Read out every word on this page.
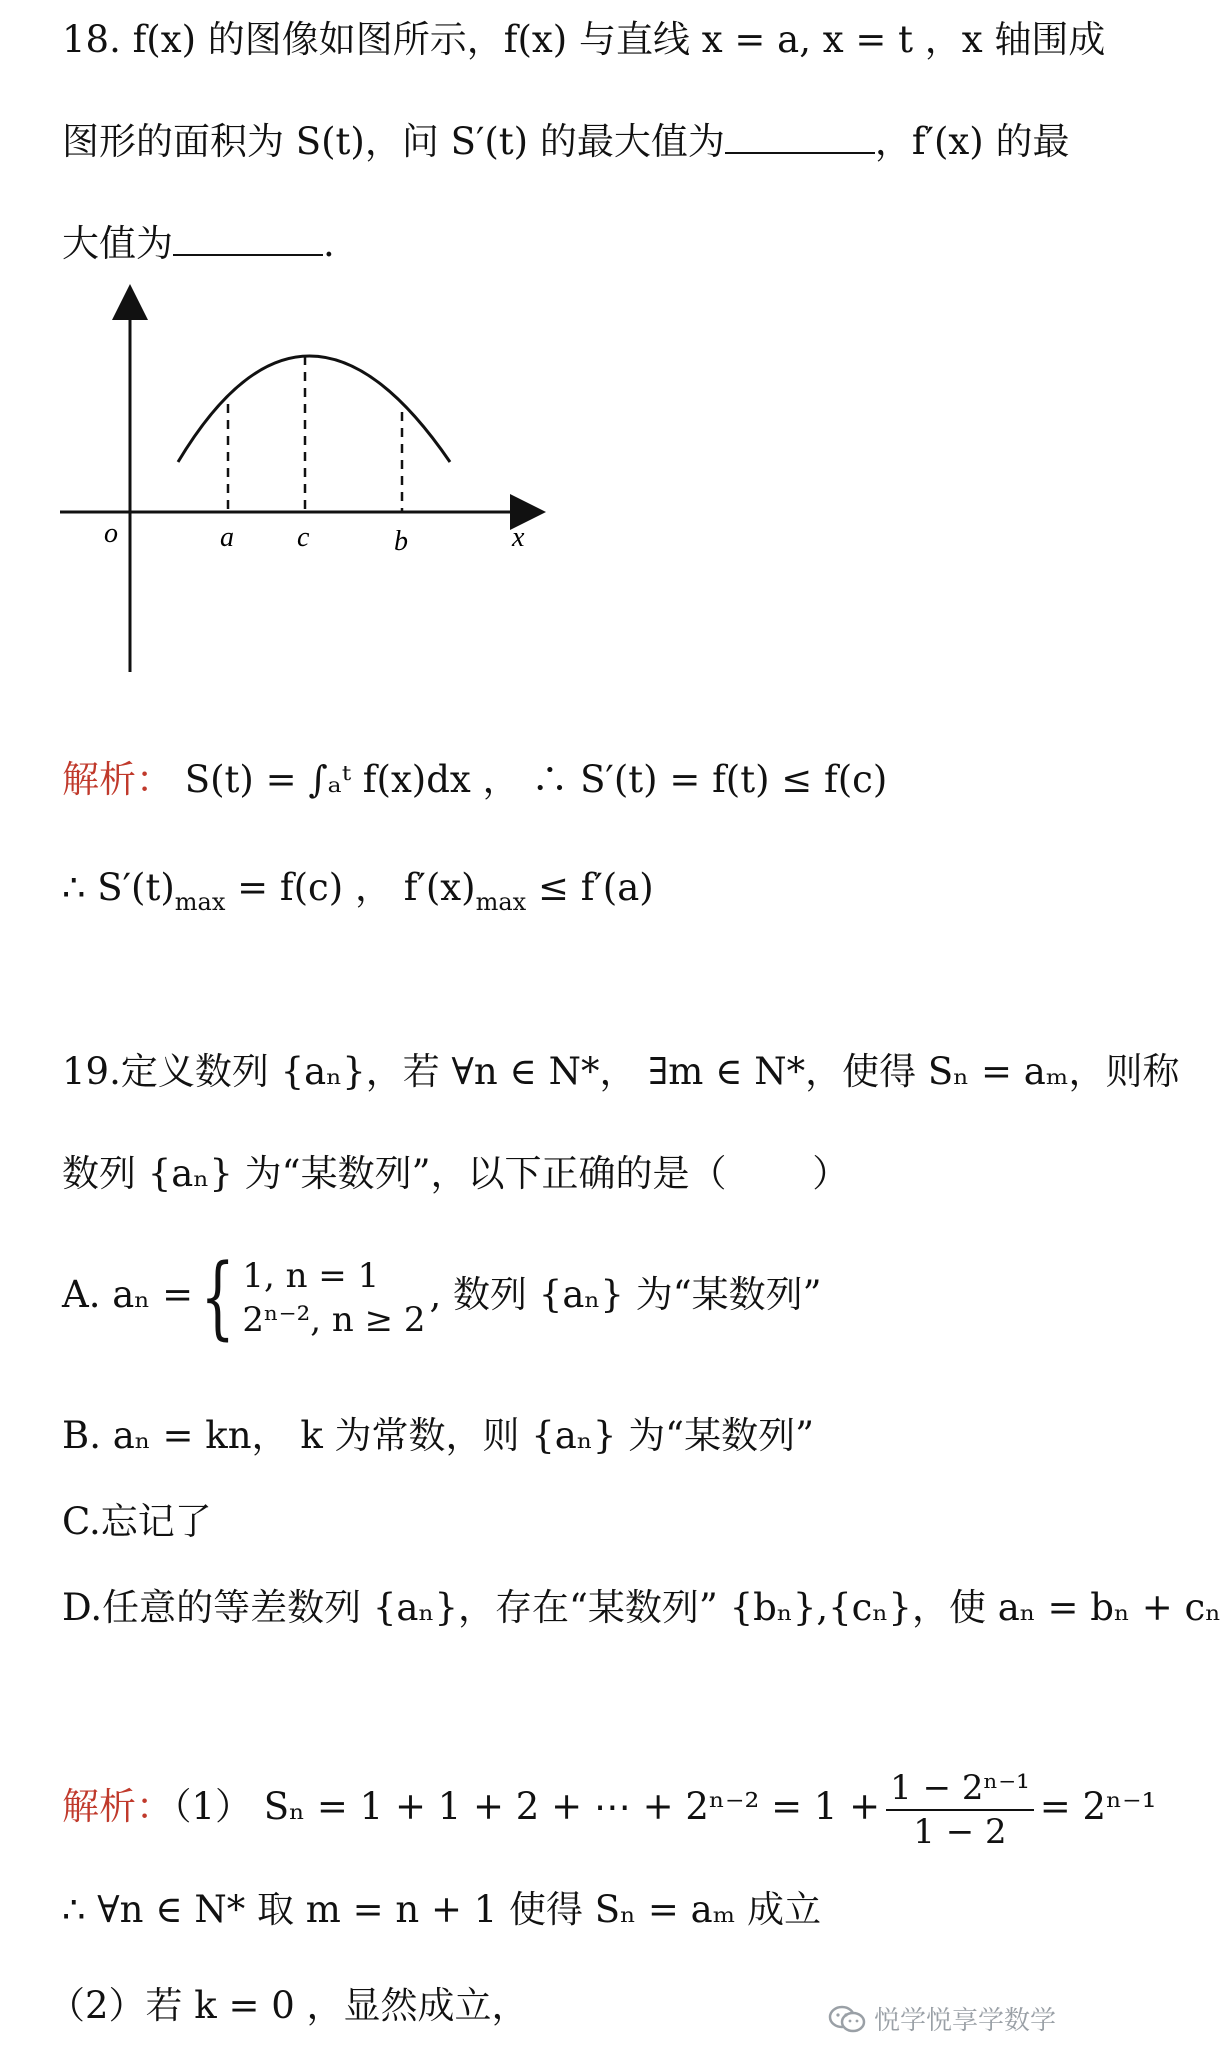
18. f(x) 的图像如图所示，f(x) 与直线 x = a, x = t ，x 轴围成
图形的面积为 S(t)，问 S′(t) 的最大值为	，f′(x) 的最
大值为	.
o	a c	b	x
解析： S(t) = ∫ₐᵗ f(x)dx ， ∴ S′(t) = f(t) ≤ f(c)
∴ $S'(t)_{max} = f(c)$ ， $f'(x)_{max} \le f'(a)$
19.定义数列 {aₙ}，若 ∀n ∈ N*， ∃m ∈ N*，使得 Sₙ = aₘ，则称
数列 {aₙ} 为“某数列”，以下正确的是（　　 ）
A. aₙ ={ 1, n = 1
2ⁿ⁻², n ≥ 2
, 数列 {aₙ} 为“某数列”
B. aₙ = kn， k 为常数，则 {aₙ} 为“某数列”
C.忘记了
D.任意的等差数列 {aₙ}，存在“某数列” {bₙ},{cₙ}，使 aₙ = bₙ + cₙ
解析：（1） Sₙ = 1 + 1 + 2 + ⋯ + $2^{n-2} = 1 + \frac{\text{1 − 2ⁿ⁻¹}}{1 - 2} = 2^{n-1}$
∴ ∀n ∈ N* 取 m = n + 1 使得 Sₙ = aₘ 成立
（2）若 k = 0 ，显然成立，	悦学悦享学数学
